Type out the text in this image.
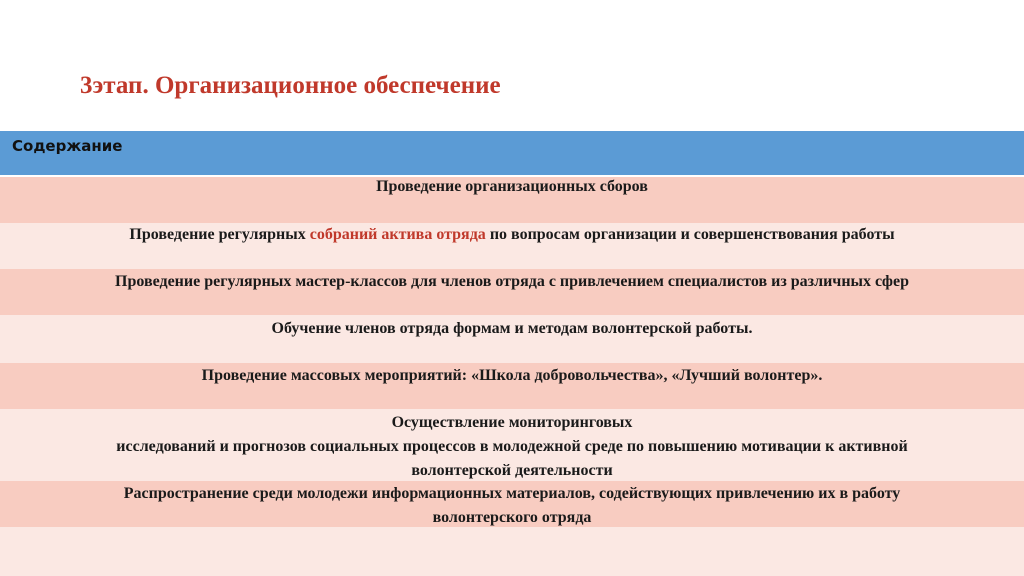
3этап. Организационное обеспечение
Содержание
Проведение организационных сборов
Проведение регулярных собраний актива отряда по вопросам организации и совершенствования работы
Проведение регулярных мастер-классов для членов отряда с привлечением специалистов из различных сфер
Обучение членов отряда формам и методам волонтерской работы.
Проведение массовых мероприятий: «Школа добровольчества», «Лучший волонтер».
Осуществление мониторинговых
исследований и прогнозов социальных процессов в молодежной среде по повышению мотивации к активной
волонтерской деятельности
Распространение среди молодежи информационных материалов, содействующих привлечению их в работу
волонтерского отряда
